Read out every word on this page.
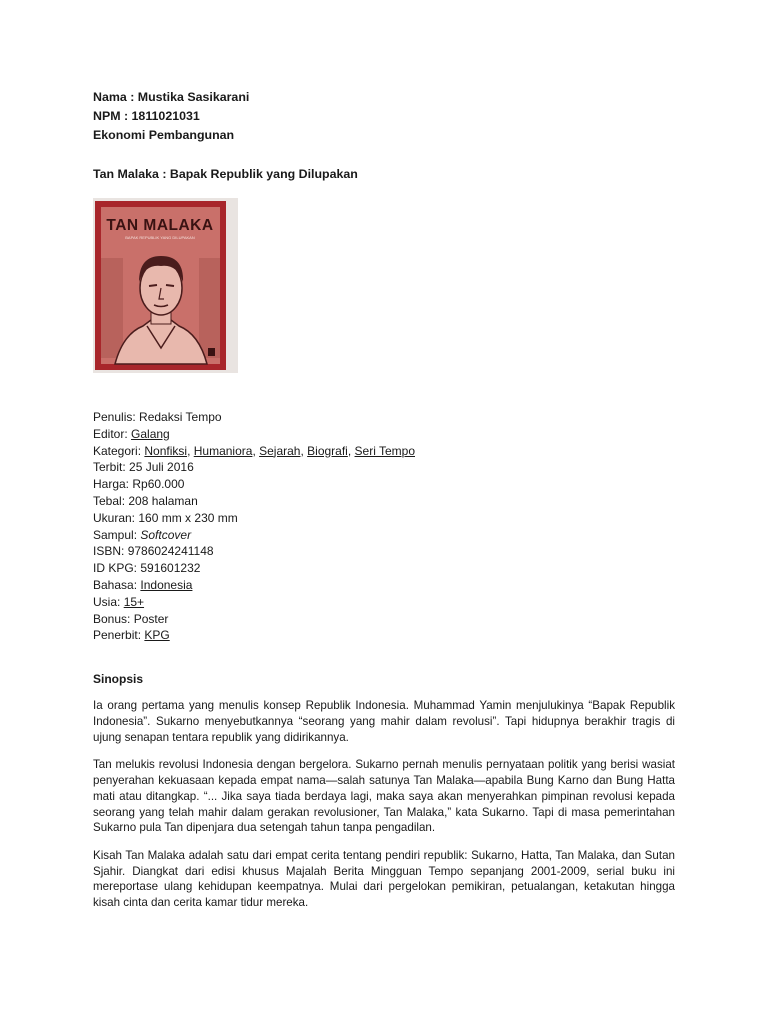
Nama : Mustika Sasikarani
NPM : 1811021031
Ekonomi Pembangunan
Tan Malaka : Bapak Republik yang Dilupakan
TAN MALAKA
BAPAK REPUBLIK YANG DILUPAKAN
Penulis: Redaksi Tempo
Editor: Galang
Kategori: Nonfiksi, Humaniora, Sejarah, Biografi, Seri Tempo
Terbit: 25 Juli 2016
Harga: Rp60.000
Tebal: 208 halaman
Ukuran: 160 mm x 230 mm
Sampul: Softcover
ISBN: 9786024241148
ID KPG: 591601232
Bahasa: Indonesia
Usia: 15+
Bonus: Poster
Penerbit: KPG
Sinopsis

Ia orang pertama yang menulis konsep Republik Indonesia. Muhammad Yamin menjulukinya “Bapak Republik Indonesia”. Sukarno menyebutkannya “seorang yang mahir dalam revolusi”. Tapi hidupnya berakhir tragis di ujung senapan tentara republik yang didirikannya.

Tan melukis revolusi Indonesia dengan bergelora. Sukarno pernah menulis pernyataan politik yang berisi wasiat penyerahan kekuasaan kepada empat nama—salah satunya Tan Malaka—apabila Bung Karno dan Bung Hatta mati atau ditangkap. “... Jika saya tiada berdaya lagi, maka saya akan menyerahkan pimpinan revolusi kepada seorang yang telah mahir dalam gerakan revolusioner, Tan Malaka,” kata Sukarno. Tapi di masa pemerintahan Sukarno pula Tan dipenjara dua setengah tahun tanpa pengadilan.

Kisah Tan Malaka adalah satu dari empat cerita tentang pendiri republik: Sukarno, Hatta, Tan Malaka, dan Sutan Sjahir. Diangkat dari edisi khusus Majalah Berita Mingguan Tempo sepanjang 2001-2009, serial buku ini mereportase ulang kehidupan keempatnya. Mulai dari pergelokan pemikiran, petualangan, ketakutan hingga kisah cinta dan cerita kamar tidur mereka.
